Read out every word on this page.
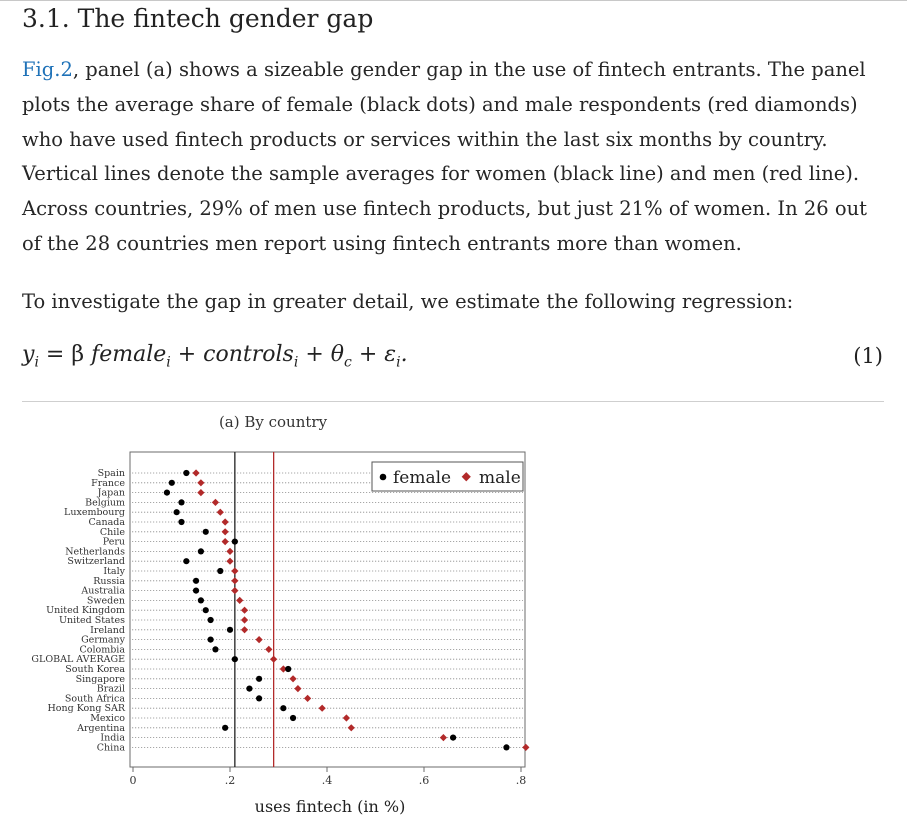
3.1. The fintech gender gap

Fig.2, panel (a) shows a sizeable gender gap in the use of fintech entrants. The panel plots the average share of female (black dots) and male respondents (red diamonds) who have used fintech products or services within the last six months by country. Vertical lines denote the sample averages for women (black line) and men (red line). Across countries, 29% of men use fintech products, but just 21% of women. In 26 out of the 28 countries men report using fintech entrants more than women.

To investigate the gap in greater detail, we estimate the following regression:

$y_i = \beta$ female$_i$ + controls$_i$ + $\theta_c + \varepsilon_i$.	(1)
(a) By country
Spain
France
Japan
Belgium
Luxembourg
Canada
Chile
Peru
Netherlands
Switzerland
Italy
Russia
Australia
Sweden
United Kingdom
United States
Ireland
Germany
Colombia
GLOBAL AVERAGE
South Korea
Singapore
Brazil
South Africa
Hong Kong SAR
Mexico
Argentina
India
China
0	.2	.4	.6	.8
female male
uses fintech (in %)
